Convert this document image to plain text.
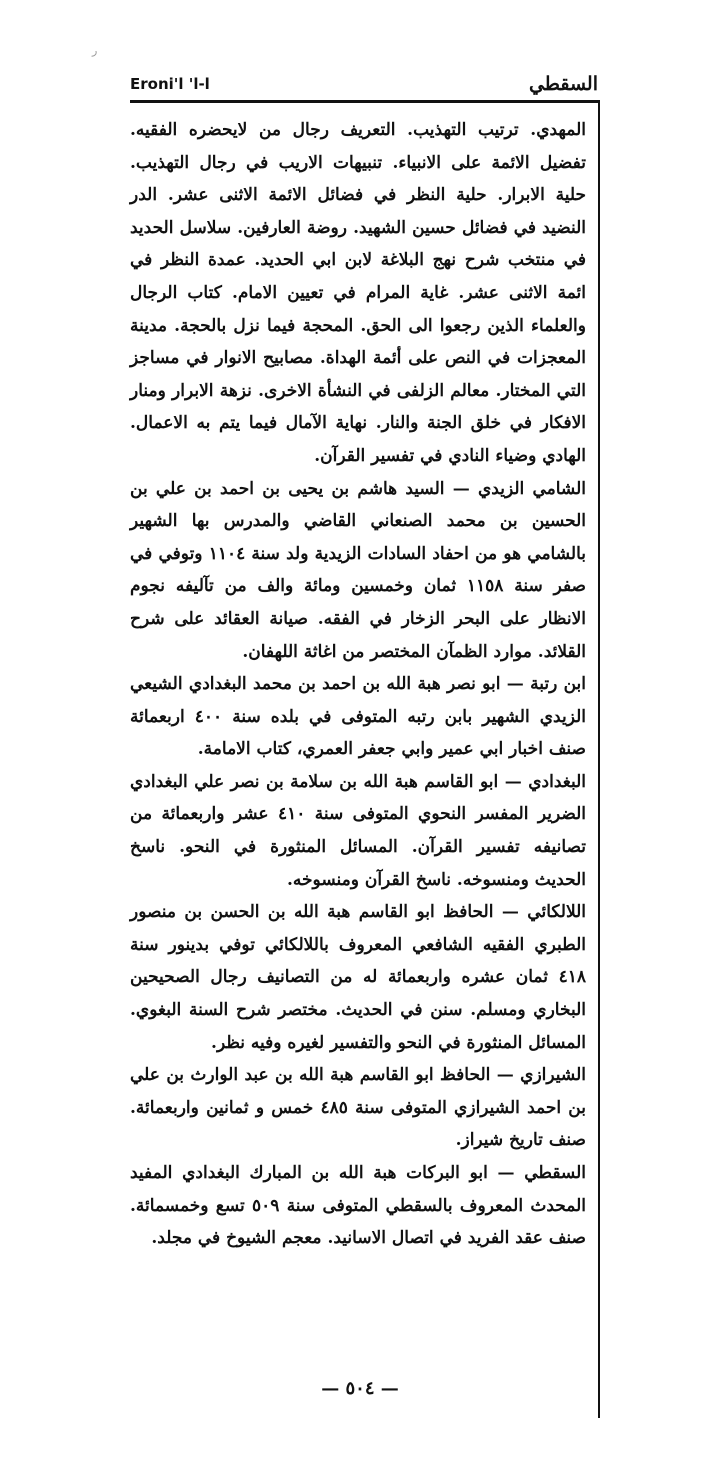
ر
Eroni'l 'l-l	السقطي

المهدي. ترتيب التهذيب. التعريف رجال من لايحضره الفقيه. تفضيل الائمة على الانبياء. تنبيهات الاريب في رجال التهذيب. حلية الابرار. حلية النظر في فضائل الائمة الاثنى عشر. الدر النضيد في فضائل حسين الشهيد. روضة العارفين. سلاسل الحديد في منتخب شرح نهج البلاغة لابن ابي الحديد. عمدة النظر في ائمة الاثنى عشر. غاية المرام في تعيين الامام. كتاب الرجال والعلماء الذين رجعوا الى الحق. المحجة فيما نزل بالحجة. مدينة المعجزات في النص على أئمة الهداة. مصابيح الانوار في مساجز التي المختار. معالم الزلفى في النشأة الاخرى. نزهة الابرار ومنار الافكار في خلق الجنة والنار. نهاية الآمال فيما يتم به الاعمال. الهادي وضياء النادي في تفسير القرآن.

الشامي الزيدي — السيد هاشم بن يحيى بن احمد بن علي بن الحسين بن محمد الصنعاني القاضي والمدرس بها الشهير بالشامي هو من احفاد السادات الزيدية ولد سنة ١١٠٤ وتوفي في صفر سنة ١١٥٨ ثمان وخمسين ومائة والف من تآليفه نجوم الانظار على البحر الزخار في الفقه. صيانة العقائد على شرح القلائد. موارد الظمآن المختصر من اغاثة اللهفان.

ابن رتبة — ابو نصر هبة الله بن احمد بن محمد البغدادي الشيعي الزيدي الشهير بابن رتبه المتوفى في بلده سنة ٤٠٠ اربعمائة صنف اخبار ابي عمير وابي جعفر العمري، كتاب الامامة.

البغدادي — ابو القاسم هبة الله بن سلامة بن نصر علي البغدادي الضرير المفسر النحوي المتوفى سنة ٤١٠ عشر واربعمائة من تصانيفه تفسير القرآن. المسائل المنثورة في النحو. ناسخ الحديث ومنسوخه. ناسخ القرآن ومنسوخه.

اللالكائي — الحافظ ابو القاسم هبة الله بن الحسن بن منصور الطبري الفقيه الشافعي المعروف باللالكائي توفي بدينور سنة ٤١٨ ثمان عشره واربعمائة له من التصانيف رجال الصحيحين البخاري ومسلم. سنن في الحديث. مختصر شرح السنة البغوي. المسائل المنثورة في النحو والتفسير لغيره وفيه نظر.

الشيرازي — الحافظ ابو القاسم هبة الله بن عبد الوارث بن علي بن احمد الشيرازي المتوفى سنة ٤٨٥ خمس و ثمانين واربعمائة. صنف تاريخ شيراز.

السقطي — ابو البركات هبة الله بن المبارك البغدادي المفيد المحدث المعروف بالسقطي المتوفى سنة ٥٠٩ تسع وخمسمائة. صنف عقد الفريد في اتصال الاسانيد. معجم الشيوخ في مجلد.

— ٥٠٤ —
